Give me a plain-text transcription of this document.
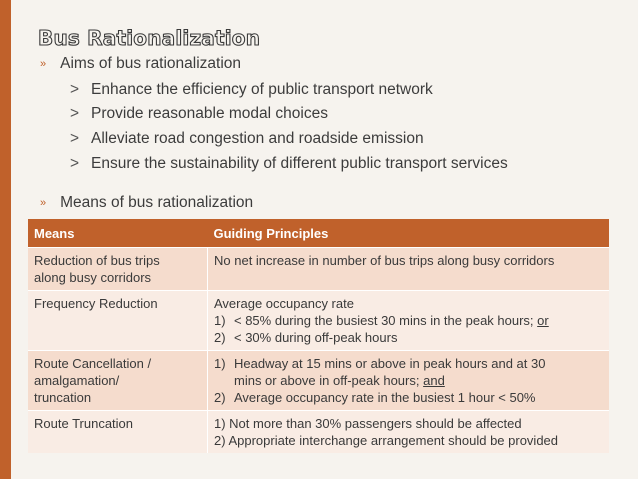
Bus Rationalization
» Aims of bus rationalization
> Enhance the efficiency of public transport network
> Provide reasonable modal choices
> Alleviate road congestion and roadside emission
> Ensure the sustainability of different public transport services
» Means of bus rationalization
Means	Guiding Principles

Reduction of bus trips
along busy corridors	No net increase in number of bus trips along busy corridors

Frequency Reduction	Average occupancy rate
1) < 85% during the busiest 30 mins in the peak hours; or
2) < 30% during off-peak hours

Route Cancellation /
amalgamation/
truncation	1) Headway at 15 mins or above in peak hours and at 30
mins or above in off-peak hours; and
2) Average occupancy rate in the busiest 1 hour < 50%

Route Truncation	1) Not more than 30% passengers should be affected
2) Appropriate interchange arrangement should be provided
